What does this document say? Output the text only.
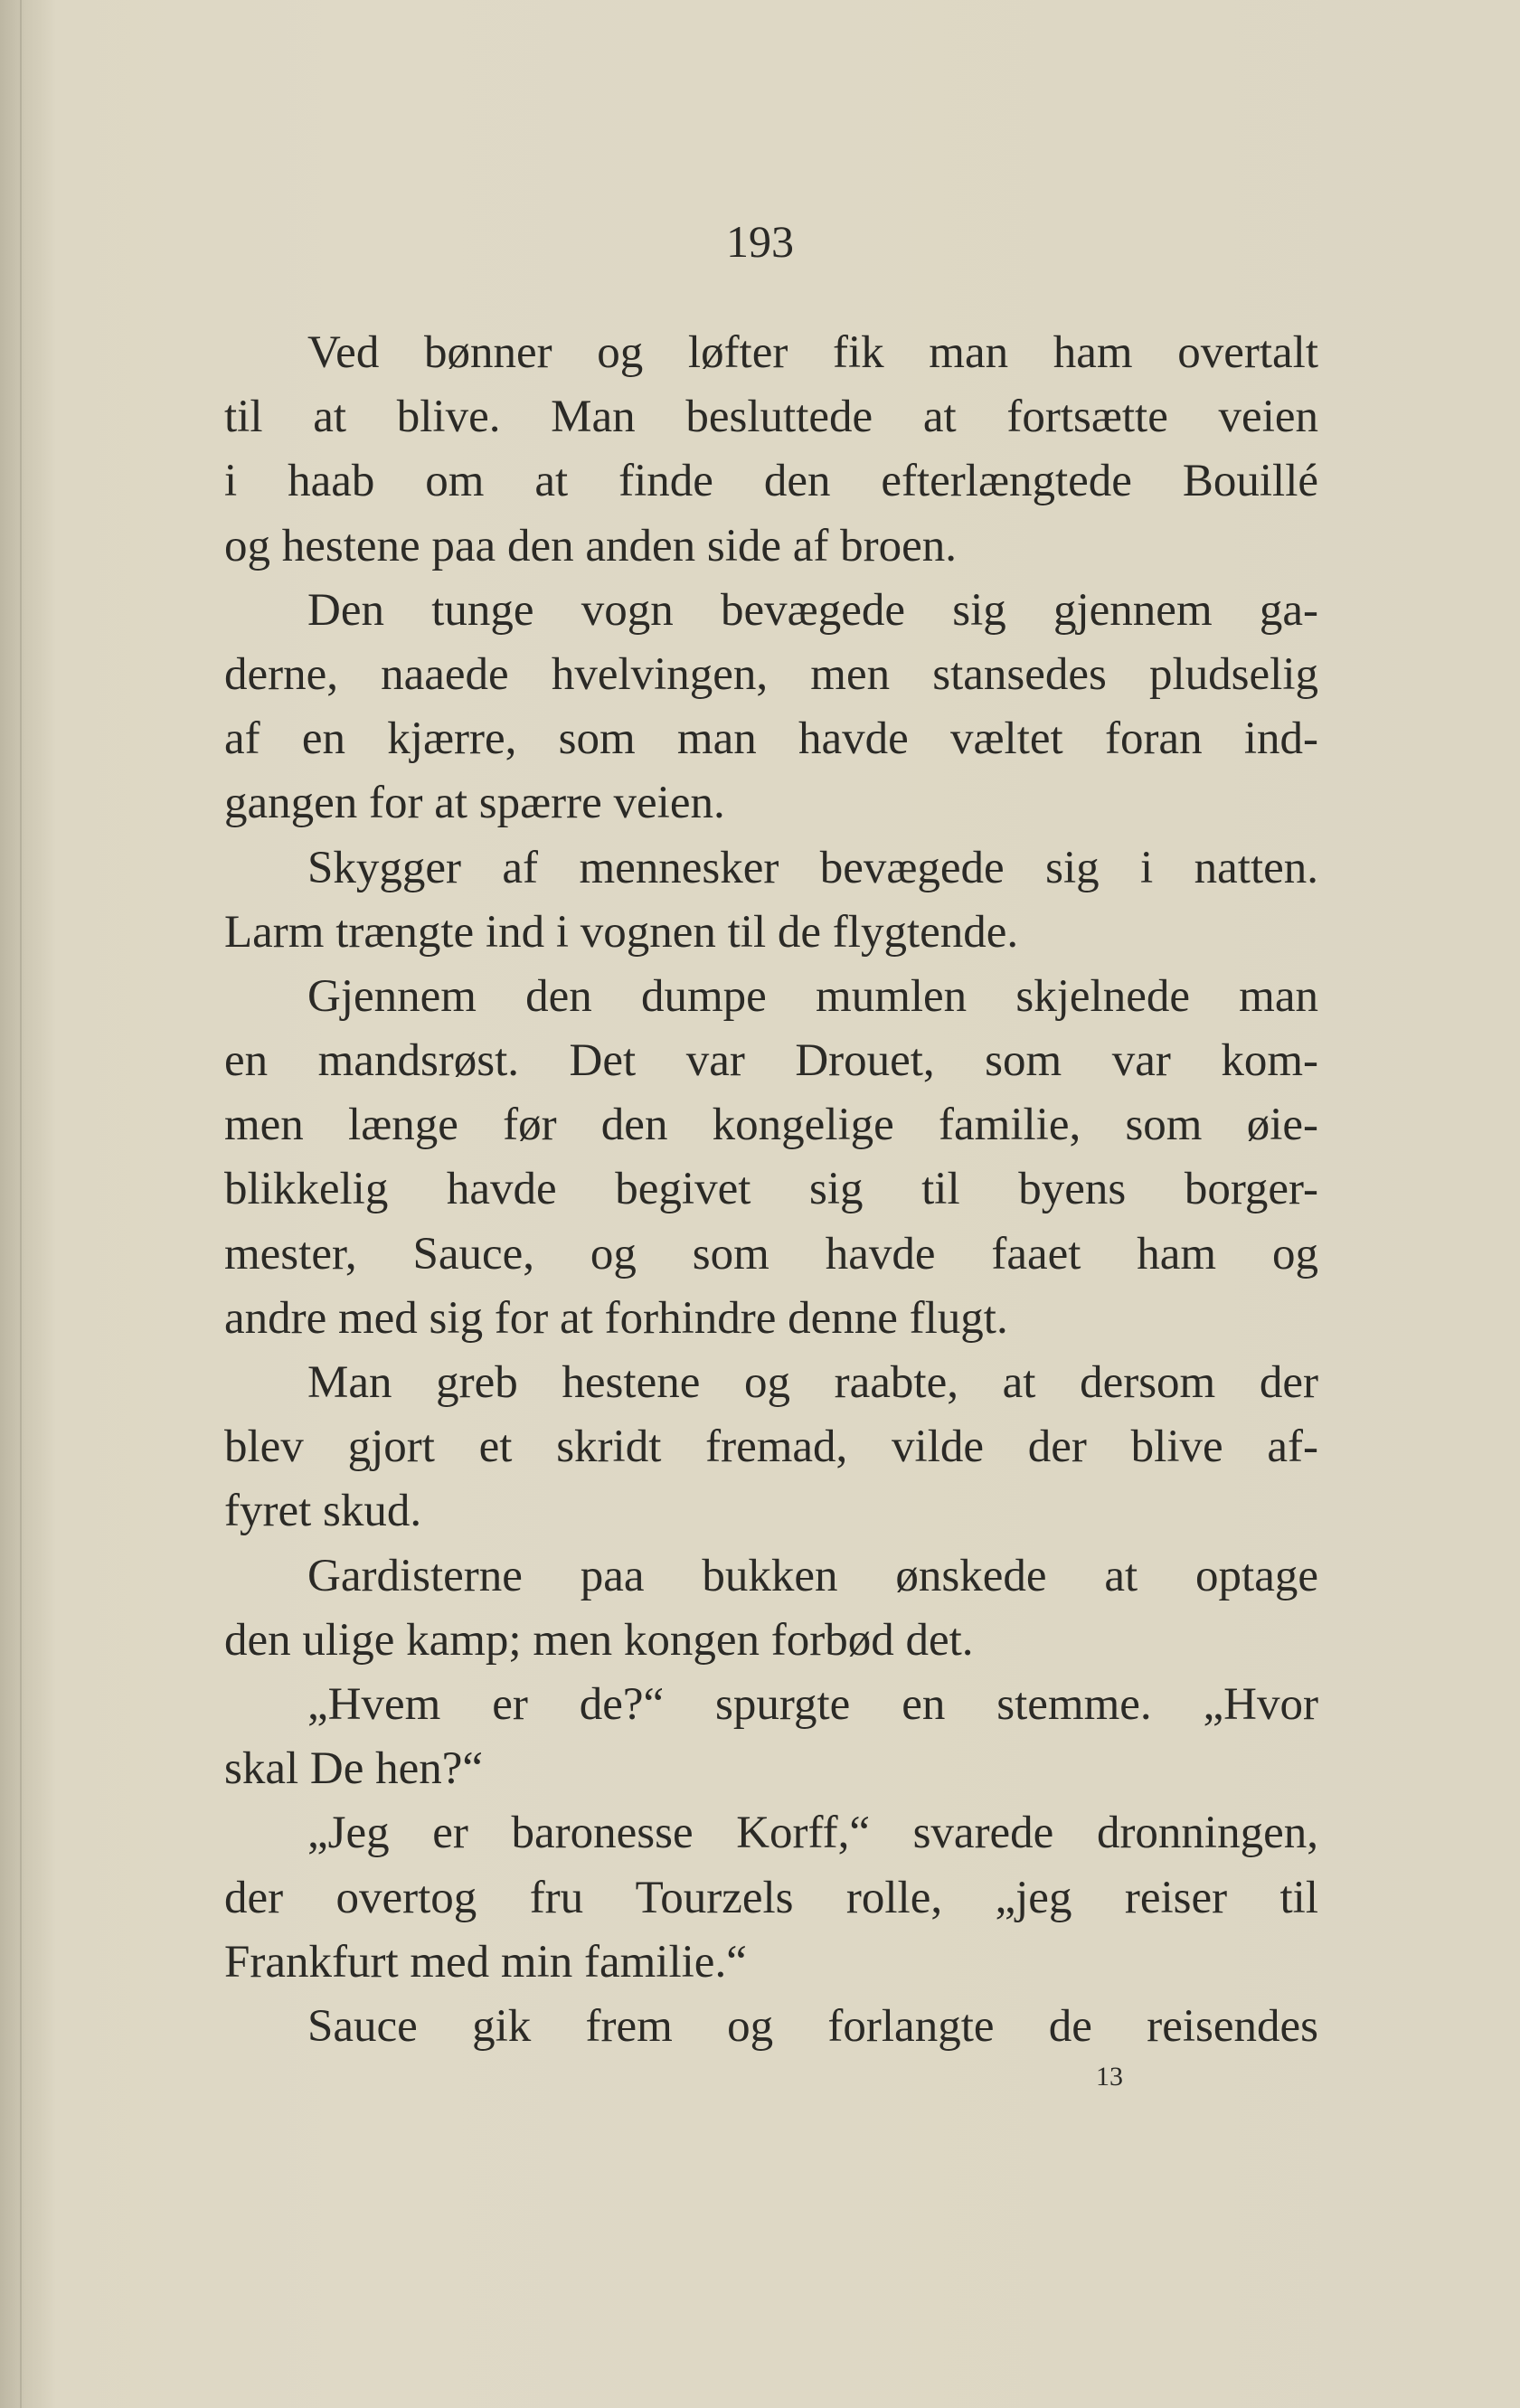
193
Ved bønner og løfter fik man ham overtalt
til at blive. Man besluttede at fortsætte veien
i haab om at finde den efterlængtede Bouillé
og hestene paa den anden side af broen.
Den tunge vogn bevægede sig gjennem ga-
derne, naaede hvelvingen, men stansedes pludselig
af en kjærre, som man havde væltet foran ind-
gangen for at spærre veien.
Skygger af mennesker bevægede sig i natten.
Larm trængte ind i vognen til de flygtende.
Gjennem den dumpe mumlen skjelnede man
en mandsrøst. Det var Drouet, som var kom-
men længe før den kongelige familie, som øie-
blikkelig havde begivet sig til byens borger-
mester, Sauce, og som havde faaet ham og
andre med sig for at forhindre denne flugt.
Man greb hestene og raabte, at dersom der
blev gjort et skridt fremad, vilde der blive af-
fyret skud.
Gardisterne paa bukken ønskede at optage
den ulige kamp; men kongen forbød det.
„Hvem er de?“ spurgte en stemme. „Hvor
skal De hen?“
„Jeg er baronesse Korff,“ svarede dronningen,
der overtog fru Tourzels rolle, „jeg reiser til
Frankfurt med min familie.“
Sauce gik frem og forlangte de reisendes
13
